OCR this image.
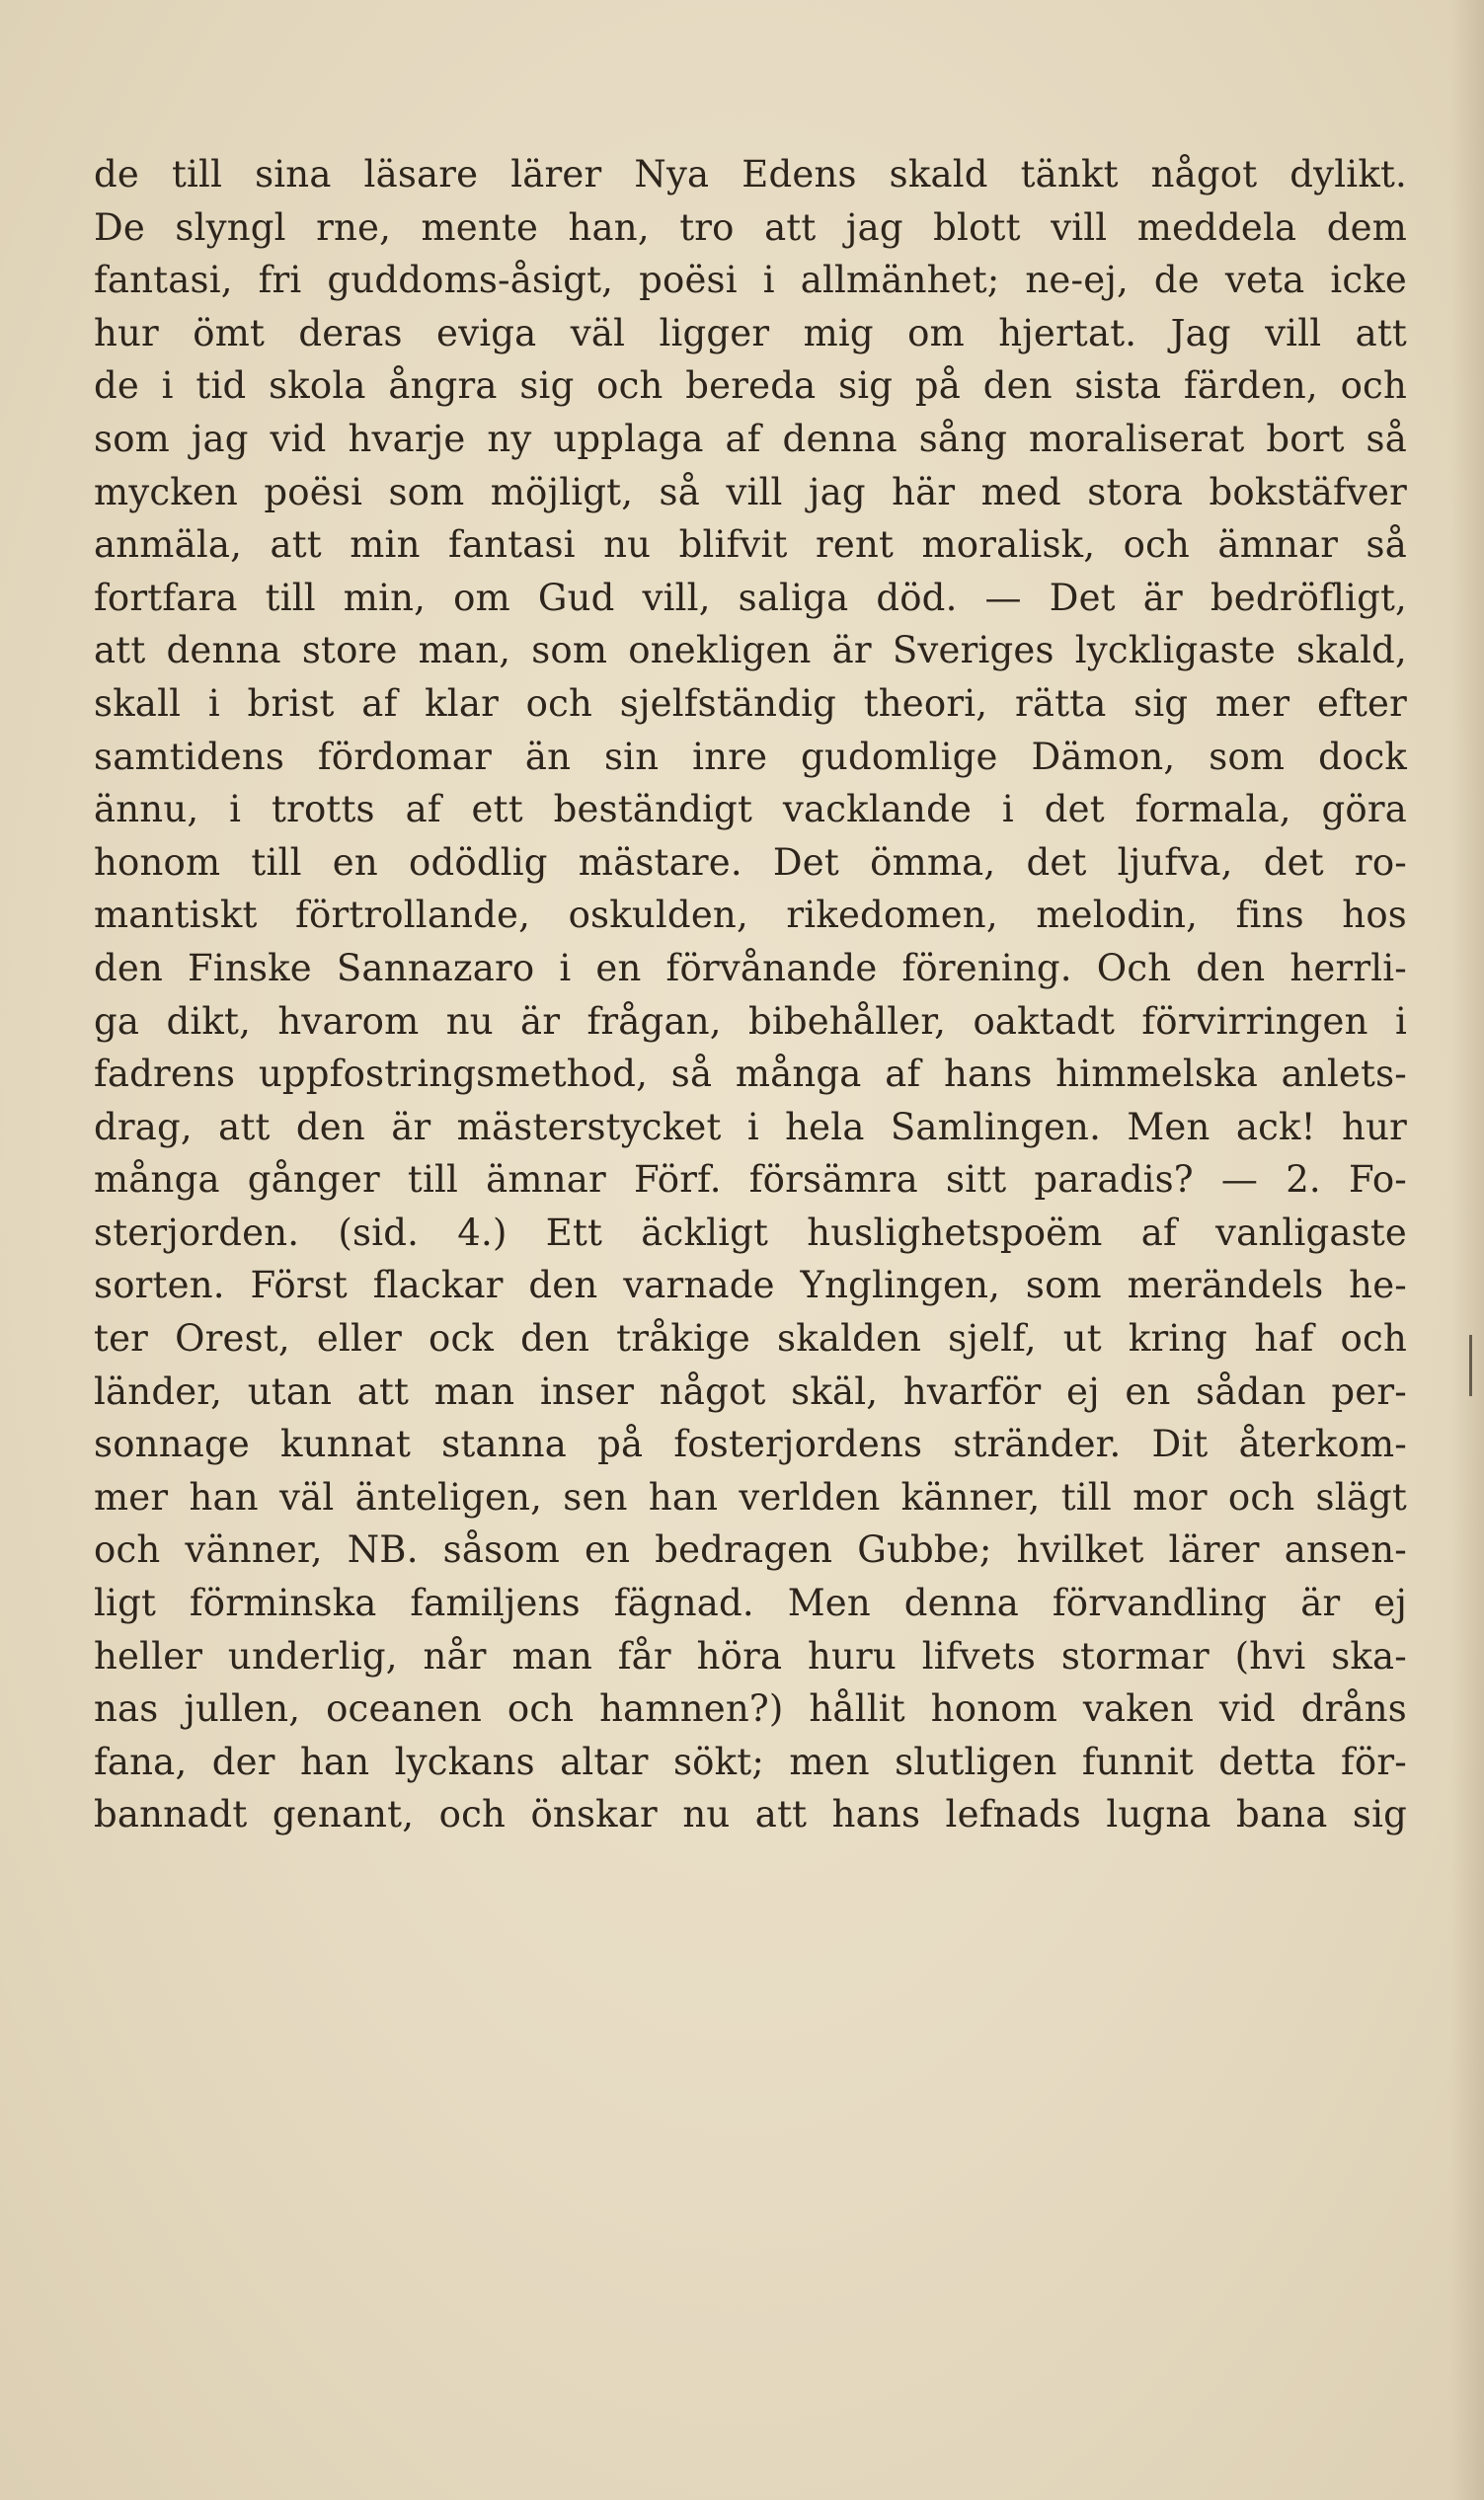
de till sina läsare lärer Nya Edens skald tänkt något dylikt.
De slyngl rne, mente han, tro att jag blott vill meddela dem
fantasi, fri guddoms-åsigt, poësi i allmänhet; ne-ej, de veta icke
hur ömt deras eviga väl ligger mig om hjertat. Jag vill att
de i tid skola ångra sig och bereda sig på den sista färden, och
som jag vid hvarje ny upplaga af denna sång moraliserat bort så
mycken poësi som möjligt, så vill jag här med stora bokstäfver
anmäla, att min fantasi nu blifvit rent moralisk, och ämnar så
fortfara till min, om Gud vill, saliga död. — Det är bedröfligt,
att denna store man, som onekligen är Sveriges lyckligaste skald,
skall i brist af klar och sjelfständig theori, rätta sig mer efter
samtidens fördomar än sin inre gudomlige Dämon, som dock
ännu, i trotts af ett beständigt vacklande i det formala, göra
honom till en odödlig mästare. Det ömma, det ljufva, det ro-
mantiskt förtrollande, oskulden, rikedomen, melodin, fins hos
den Finske Sannazaro i en förvånande förening. Och den herrli-
ga dikt, hvarom nu är frågan, bibehåller, oaktadt förvirringen i
fadrens uppfostringsmethod, så många af hans himmelska anlets-
drag, att den är mästerstycket i hela Samlingen. Men ack! hur
många gånger till ämnar Förf. försämra sitt paradis? — 2. Fo-
sterjorden. (sid. 4.) Ett äckligt huslighetspoëm af vanligaste
sorten. Först flackar den varnade Ynglingen, som merändels he-
ter Orest, eller ock den tråkige skalden sjelf, ut kring haf och
länder, utan att man inser något skäl, hvarför ej en sådan per-
sonnage kunnat stanna på fosterjordens stränder. Dit återkom-
mer han väl änteligen, sen han verlden känner, till mor och slägt
och vänner, NB. såsom en bedragen Gubbe; hvilket lärer ansen-
ligt förminska familjens fägnad. Men denna förvandling är ej
heller underlig, når man får höra huru lifvets stormar (hvi ska-
nas jullen, oceanen och hamnen?) hållit honom vaken vid dråns
fana, der han lyckans altar sökt; men slutligen funnit detta för-
bannadt genant, och önskar nu att hans lefnads lugna bana sig
